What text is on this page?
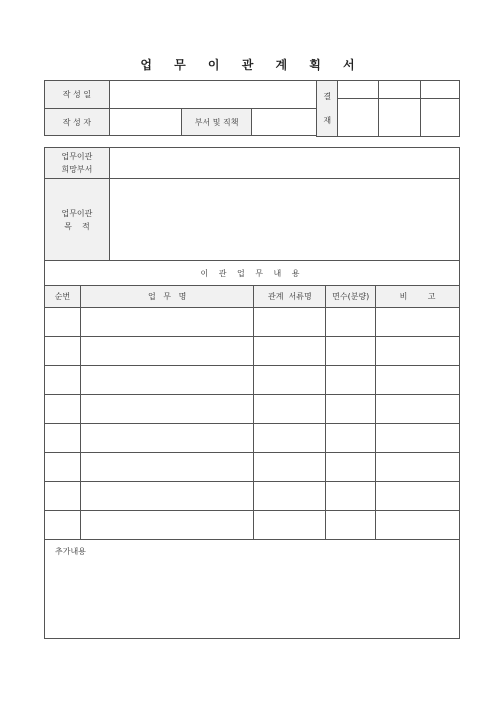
업 무 이 관 계 획 서
작 성 일				결
재			

작 성 자		부서 및 직책					

업무이관
희망부서					

업무이관
목    적					

이 관 업 무 내 용					
순번	업   무   명		관계  서류명	면수(분량)	비        고

추가내용					
